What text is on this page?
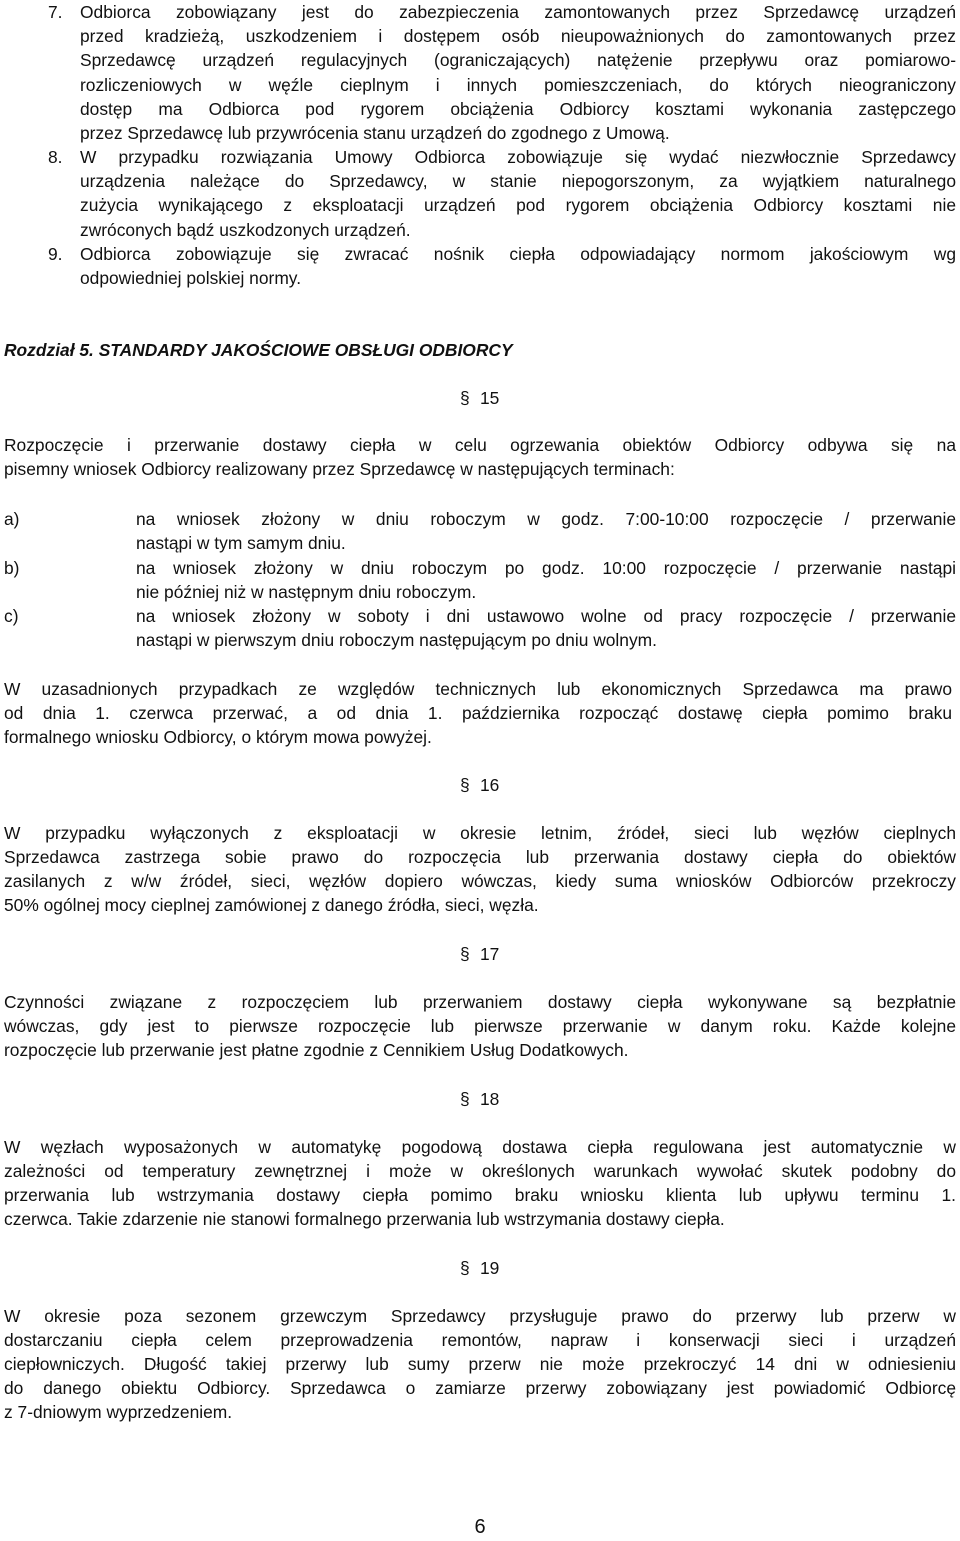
7. Odbiorca zobowiązany jest do zabezpieczenia zamontowanych przez Sprzedawcę urządzeń
przed kradzieżą, uszkodzeniem i dostępem osób nieupoważnionych do zamontowanych przez
Sprzedawcę urządzeń regulacyjnych (ograniczających) natężenie przepływu oraz pomiarowo-
rozliczeniowych w węźle cieplnym i innych pomieszczeniach, do których nieograniczony
dostęp ma Odbiorca pod rygorem obciążenia Odbiorcy kosztami wykonania zastępczego
przez Sprzedawcę lub przywrócenia stanu urządzeń do zgodnego z Umową.
8. W przypadku rozwiązania Umowy Odbiorca zobowiązuje się wydać niezwłocznie Sprzedawcy
urządzenia należące do Sprzedawcy, w stanie niepogorszonym, za wyjątkiem naturalnego
zużycia wynikającego z eksploatacji urządzeń pod rygorem obciążenia Odbiorcy kosztami nie
zwróconych bądź uszkodzonych urządzeń.
9. Odbiorca zobowiązuje się zwracać nośnik ciepła odpowiadający normom jakościowym wg
odpowiedniej polskiej normy.
Rozdział 5. STANDARDY JAKOŚCIOWE OBSŁUGI ODBIORCY
§ 15
Rozpoczęcie i przerwanie dostawy ciepła w celu ogrzewania obiektów Odbiorcy odbywa się na
pisemny wniosek Odbiorcy realizowany przez Sprzedawcę w następujących terminach:
a)	na wniosek złożony w dniu roboczym w godz. 7:00-10:00 rozpoczęcie / przerwanie
nastąpi w tym samym dniu.
b)	na wniosek złożony w dniu roboczym po godz. 10:00 rozpoczęcie / przerwanie nastąpi
nie później niż w następnym dniu roboczym.
c)	na wniosek złożony w soboty i dni ustawowo wolne od pracy rozpoczęcie / przerwanie
nastąpi w pierwszym dniu roboczym następującym po dniu wolnym.
W uzasadnionych przypadkach ze względów technicznych lub ekonomicznych Sprzedawca ma prawo
od dnia 1. czerwca przerwać, a od dnia 1. października rozpocząć dostawę ciepła pomimo braku
formalnego wniosku Odbiorcy, o którym mowa powyżej.
§ 16
W przypadku wyłączonych z eksploatacji w okresie letnim, źródeł, sieci lub węzłów cieplnych
Sprzedawca zastrzega sobie prawo do rozpoczęcia lub przerwania dostawy ciepła do obiektów
zasilanych z w/w źródeł, sieci, węzłów dopiero wówczas, kiedy suma wniosków Odbiorców przekroczy
50% ogólnej mocy cieplnej zamówionej z danego źródła, sieci, węzła.
§ 17
Czynności związane z rozpoczęciem lub przerwaniem dostawy ciepła wykonywane są bezpłatnie
wówczas, gdy jest to pierwsze rozpoczęcie lub pierwsze przerwanie w danym roku. Każde kolejne
rozpoczęcie lub przerwanie jest płatne zgodnie z Cennikiem Usług Dodatkowych.
§ 18
W węzłach wyposażonych w automatykę pogodową dostawa ciepła regulowana jest automatycznie w
zależności od temperatury zewnętrznej i może w określonych warunkach wywołać skutek podobny do
przerwania lub wstrzymania dostawy ciepła pomimo braku wniosku klienta lub upływu terminu 1.
czerwca. Takie zdarzenie nie stanowi formalnego przerwania lub wstrzymania dostawy ciepła.
§ 19
W okresie poza sezonem grzewczym Sprzedawcy przysługuje prawo do przerwy lub przerw w
dostarczaniu ciepła celem przeprowadzenia remontów, napraw i konserwacji sieci i urządzeń
ciepłowniczych. Długość takiej przerwy lub sumy przerw nie może przekroczyć 14 dni w odniesieniu
do danego obiektu Odbiorcy. Sprzedawca o zamiarze przerwy zobowiązany jest powiadomić Odbiorcę
z 7-dniowym wyprzedzeniem.
6
